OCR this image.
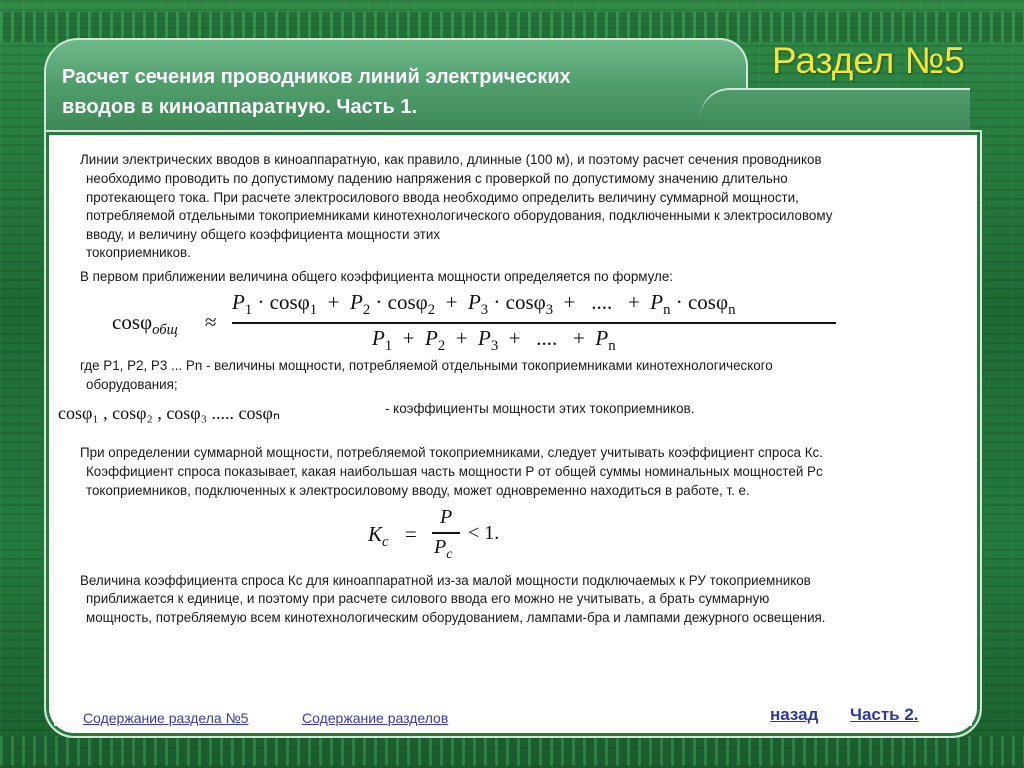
Раздел №5
Расчет сечения проводников линий электрических
вводов в киноаппаратную. Часть 1.
Линии электрических вводов в киноаппаратную, как правило, длинные (100 м), и поэтому расчет сечения проводников
необходимо проводить по допустимому падению напряжения с проверкой по допустимому значению длительно
протекающего тока. При расчете электросилового ввода необходимо определить величину суммарной мощности,
потребляемой отдельными токоприемниками кинотехнологического оборудования, подключенными к электросиловому
вводу, и величину общего коэффициента мощности этих
токоприемников.
В первом приближении величина общего коэффициента мощности определяется по формуле:
cosφ$_{общ}$ ≈
$P_1 \cdot \cos\varphi_1 + P_2 \cdot \cos\varphi_2 + P_3 \cdot \cos\varphi_3$  +   ....   +  $P_n \cdot \cos\varphi_n$
$P_1 + P_2 + P_3$  +   ....   +  $P_n$
где P1, P2, P3 ... Pn - величины мощности, потребляемой отдельными токоприемниками кинотехнологического
оборудования;
cosφ₁ , cosφ₂ , cosφ₃ ..... cosφₙ	- коэффициенты мощности этих токоприемников.
При определении суммарной мощности, потребляемой токоприемниками, следует учитывать коэффициент спроса Кс.
Коэффициент спроса показывает, какая наибольшая часть мощности Р от общей суммы номинальных мощностей Рс
токоприемников, подключенных к электросиловому вводу, может одновременно находиться в работе, т. е.
$K_c$ =
P
$P_c$
< 1.
Величина коэффициента спроса Кс для киноаппаратной из-за малой мощности подключаемых к РУ токоприемников
приближается к единице, и поэтому при расчете силового ввода его можно не учитывать, а брать суммарную
мощность, потребляемую всем кинотехнологическим оборудованием, лампами-бра и лампами дежурного освещения.
Содержание раздела №5	Содержание разделов	назад Часть 2.
